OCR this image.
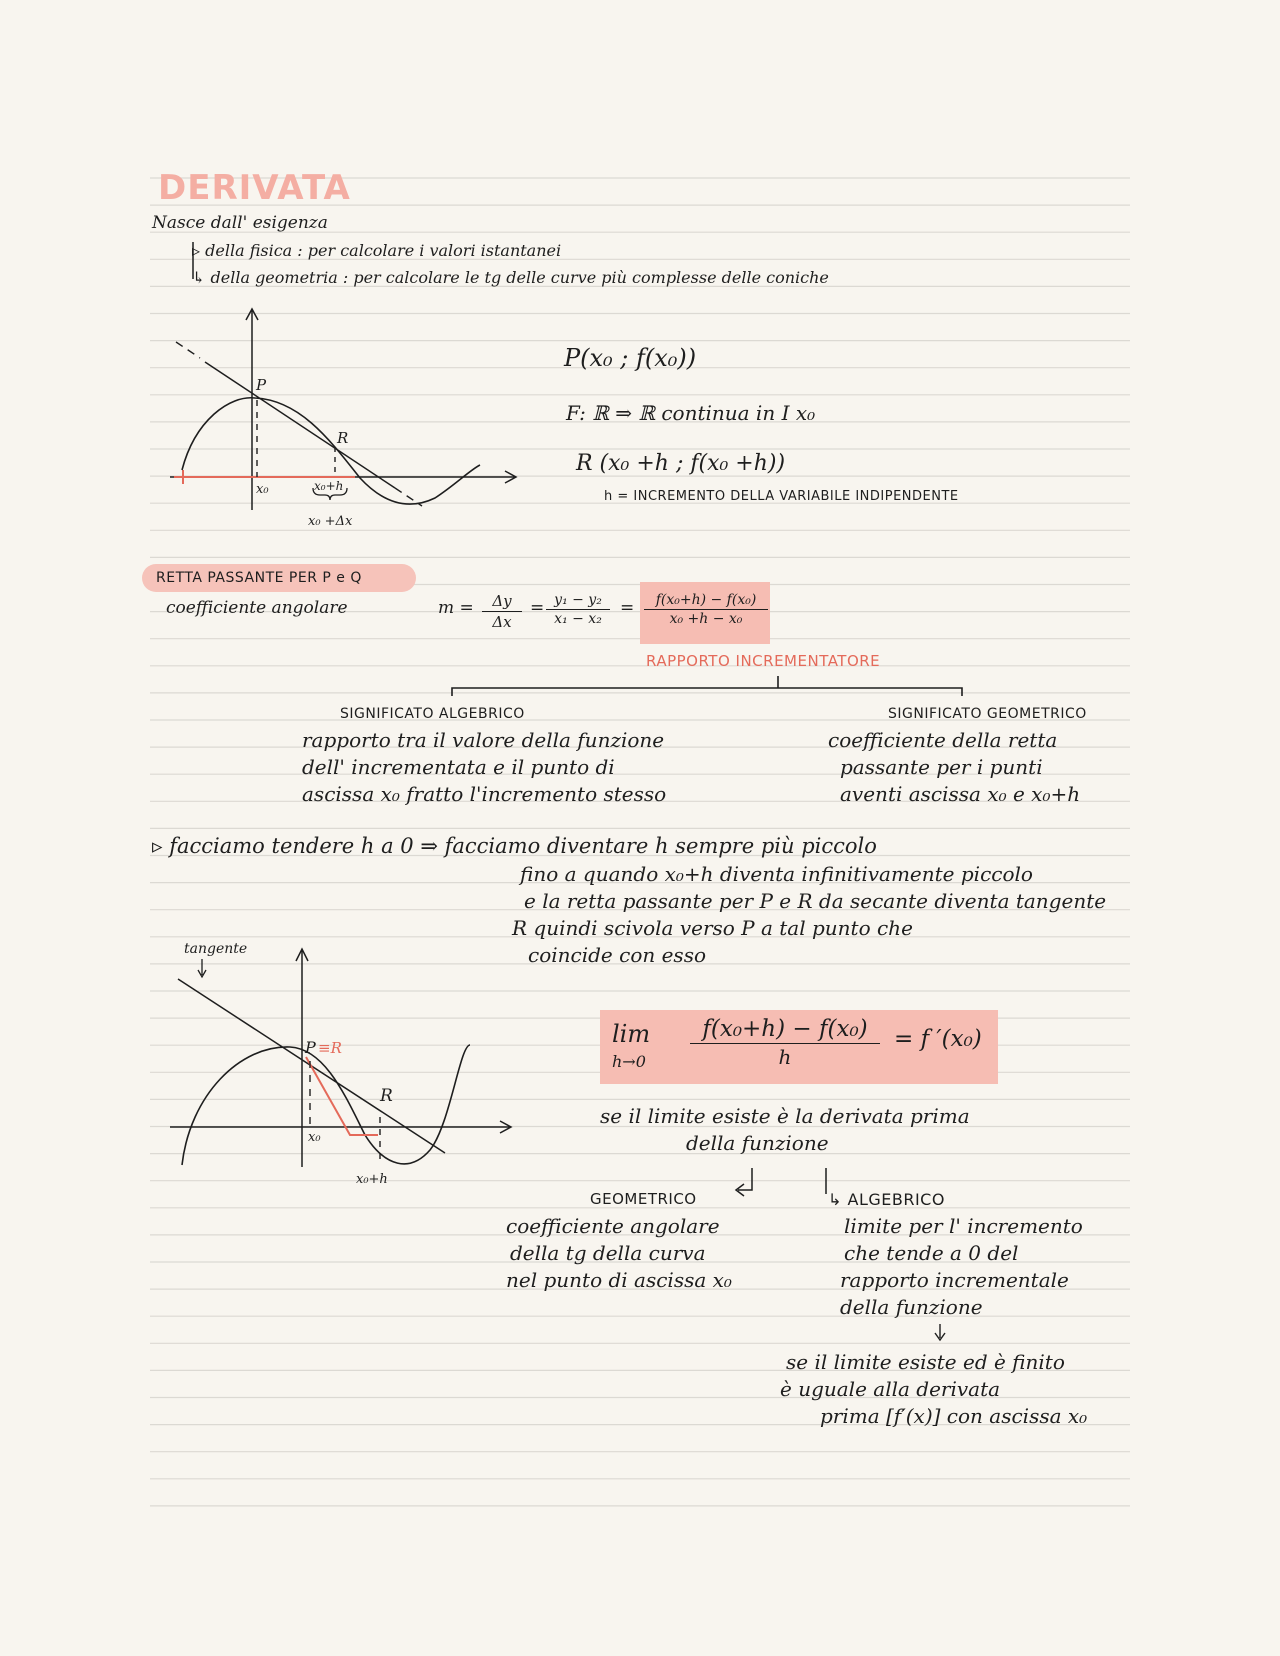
DERIVATA
Nasce dall' esigenza
▹ della fisica : per calcolare i valori istantanei
↳ della geometria : per calcolare le tg delle curve più complesse delle coniche
P
R
x₀	x₀+h
x₀ +Δx
P(x₀ ; f(x₀))
F: ℝ ⇒ ℝ continua in I x₀
R (x₀ +h ; f(x₀ +h))
h = INCREMENTO DELLA VARIABILE INDIPENDENTE
RETTA PASSANTE PER P e Q
coefficiente angolare	$m = \frac{\Delta y}{\Delta x} = \frac{\text{y₁ − y₂}}{\text{x₁ − x₂}} = \frac{\text{f(x₀+h) − f(x₀)}}{\text{x₀ +h − x₀}}$
RAPPORTO INCREMENTATORE
SIGNIFICATO ALGEBRICO
rapporto tra il valore della funzione
dell' incrementata e il punto di
ascissa x₀ fratto l'incremento stesso
SIGNIFICATO GEOMETRICO
coefficiente della retta
passante per i punti
aventi ascissa x₀ e x₀+h
▹ facciamo tendere h a 0 ⇒ facciamo diventare h sempre più piccolo
fino a quando x₀+h diventa infinitivamente piccolo
e la retta passante per P e R da secante diventa tangente
R quindi scivola verso P a tal punto che
coincide con esso
tangente
P ≡R
R
x₀
x₀+h
lim
$h\to 0 \frac{\text{f(x₀+h) − f(x₀)}}{h} = f$ ′(x₀)
se il limite esiste è la derivata prima
della funzione
GEOMETRICO
coefficiente angolare
della tg della curva
nel punto di ascissa x₀
↳ ALGEBRICO
limite per l' incremento
che tende a 0 del
rapporto incrementale
della funzione
se il limite esiste ed è finito
è uguale alla derivata
prima [f′(x)] con ascissa x₀
